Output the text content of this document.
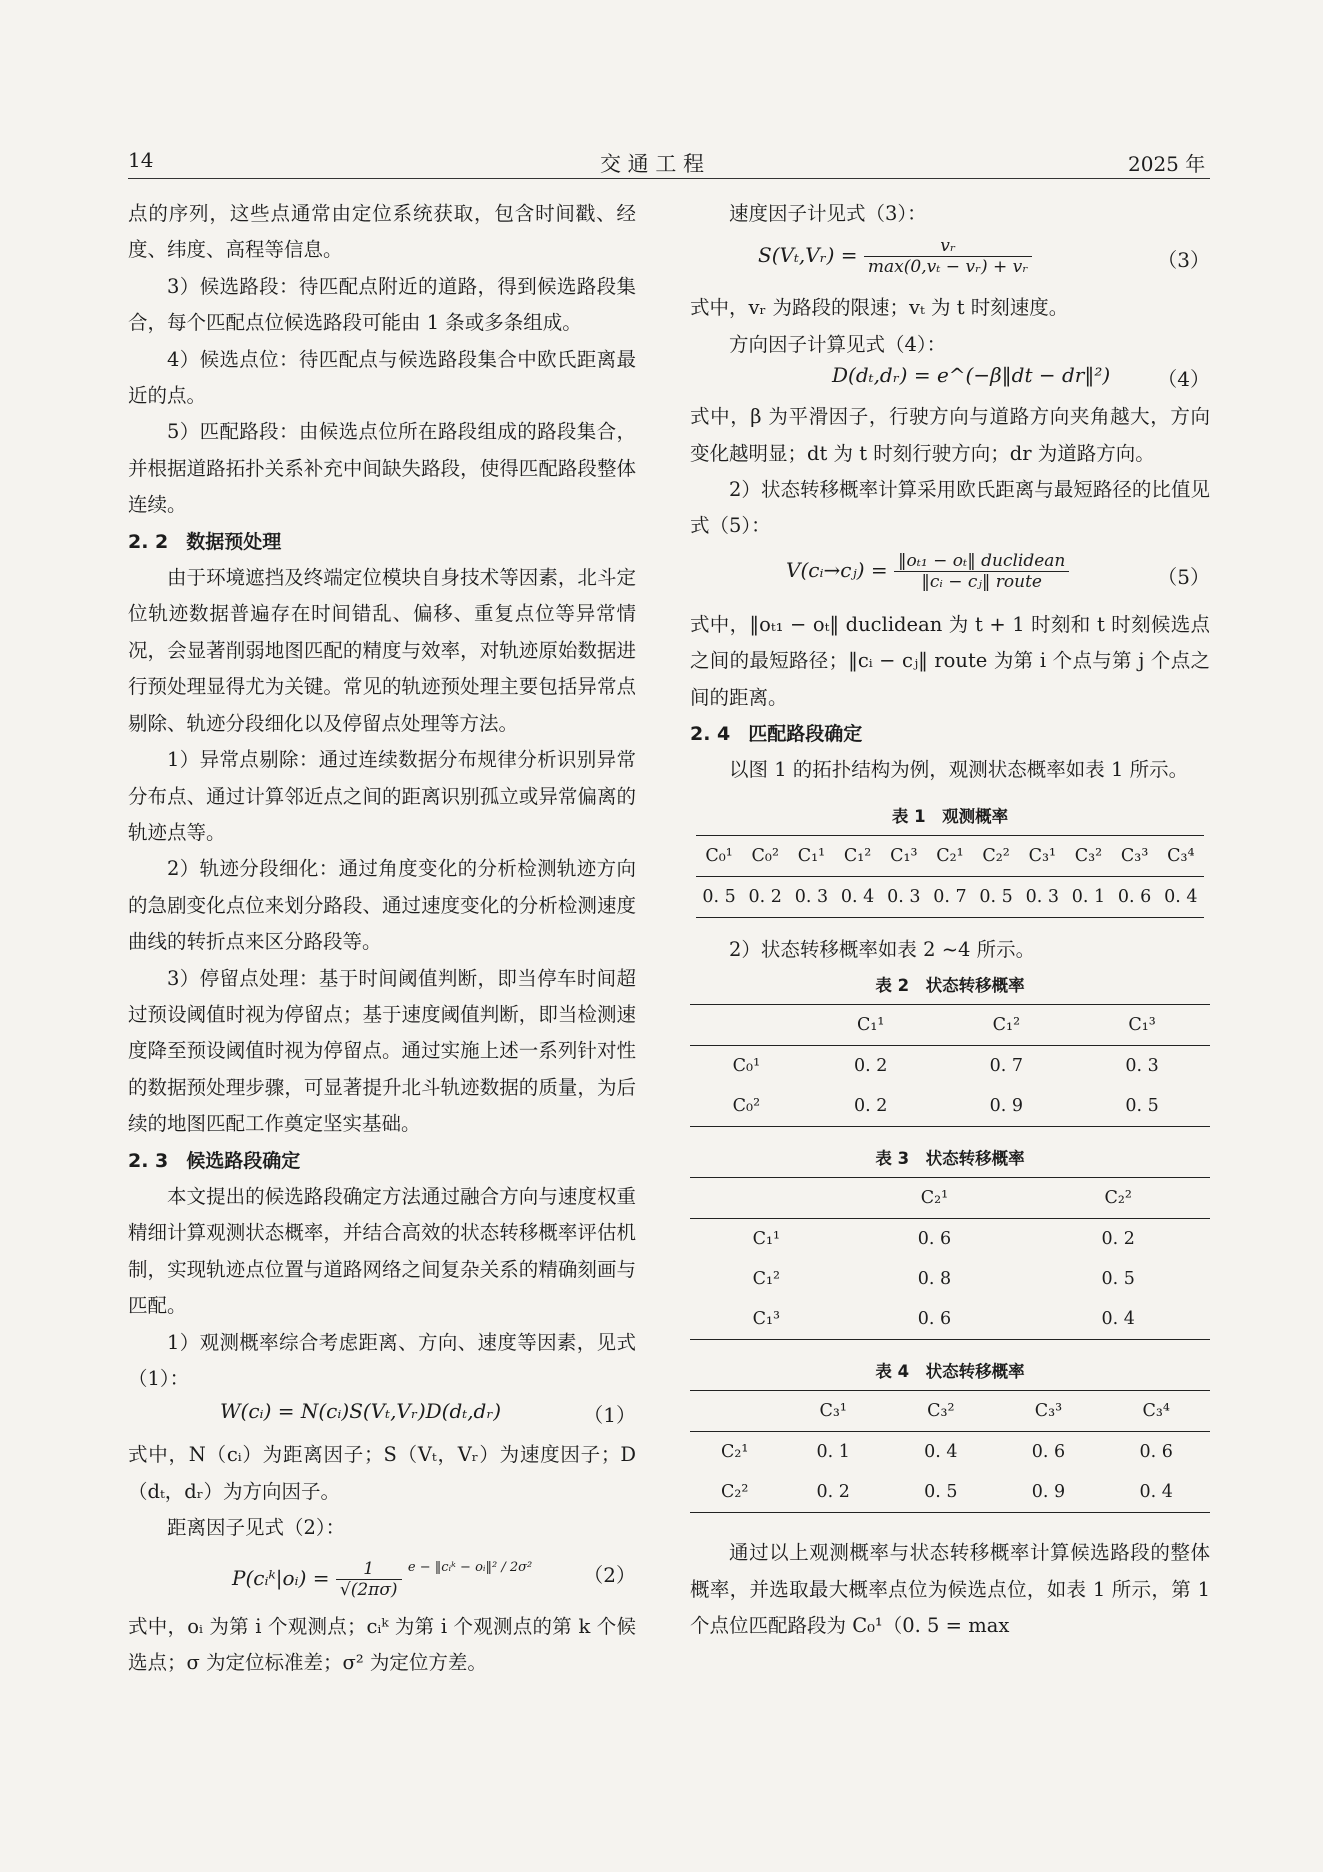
14	交 通 工 程	2025 年

点的序列，这些点通常由定位系统获取，包含时间戳、经度、纬度、高程等信息。

3）候选路段：待匹配点附近的道路，得到候选路段集合，每个匹配点位候选路段可能由 1 条或多条组成。

4）候选点位：待匹配点与候选路段集合中欧氏距离最近的点。

5）匹配路段：由候选点位所在路段组成的路段集合，并根据道路拓扑关系补充中间缺失路段，使得匹配路段整体连续。

2. 2 数据预处理

由于环境遮挡及终端定位模块自身技术等因素，北斗定位轨迹数据普遍存在时间错乱、偏移、重复点位等异常情况，会显著削弱地图匹配的精度与效率，对轨迹原始数据进行预处理显得尤为关键。常见的轨迹预处理主要包括异常点剔除、轨迹分段细化以及停留点处理等方法。

1）异常点剔除：通过连续数据分布规律分析识别异常分布点、通过计算邻近点之间的距离识别孤立或异常偏离的轨迹点等。

2）轨迹分段细化：通过角度变化的分析检测轨迹方向的急剧变化点位来划分路段、通过速度变化的分析检测速度曲线的转折点来区分路段等。

3）停留点处理：基于时间阈值判断，即当停车时间超过预设阈值时视为停留点；基于速度阈值判断，即当检测速度降至预设阈值时视为停留点。通过实施上述一系列针对性的数据预处理步骤，可显著提升北斗轨迹数据的质量，为后续的地图匹配工作奠定坚实基础。

2. 3 候选路段确定

本文提出的候选路段确定方法通过融合方向与速度权重精细计算观测状态概率，并结合高效的状态转移概率评估机制，实现轨迹点位置与道路网络之间复杂关系的精确刻画与匹配。

1）观测概率综合考虑距离、方向、速度等因素，见式（1）：

W(cᵢ) = N(cᵢ)S(Vₜ,Vᵣ)D(dₜ,dᵣ)	（1）

式中，N（cᵢ）为距离因子；S（Vₜ，Vᵣ）为速度因子；D（dₜ，dᵣ）为方向因子。

距离因子见式（2）：

P(cᵢᵏ|oᵢ) = $\frac{1}{√(2\pi\sigma)} ^{e - ‖cᵢᵏ - oᵢ‖^2 / 2\sigma^2}$	（2）

式中，oᵢ 为第 i 个观测点；cᵢᵏ 为第 i 个观测点的第 k 个候选点；σ 为定位标准差；σ² 为定位方差。

速度因子计见式（3）：

S(Vₜ,Vᵣ) = $\frac{\text{vᵣ}}{\text{max(0,vₜ − vᵣ) + vᵣ}}$	（3）

式中，vᵣ 为路段的限速；vₜ 为 t 时刻速度。

方向因子计算见式（4）：

D(dₜ,dᵣ) = e^(−β‖dt − dr‖²) （4）

式中，β 为平滑因子，行驶方向与道路方向夹角越大，方向变化越明显；dt 为 t 时刻行驶方向；dr 为道路方向。

2）状态转移概率计算采用欧氏距离与最短路径的比值见式（5）：

V(cᵢ→cⱼ) = $\frac{\text{‖oₜ₁ − oₜ‖ duclidean}}{\text{‖cᵢ − cⱼ‖ route}}$	（5）

式中，‖oₜ₁ − oₜ‖ duclidean 为 t + 1 时刻和 t 时刻候选点之间的最短路径；‖cᵢ − cⱼ‖ route 为第 i 个点与第 j 个点之间的距离。

2. 4 匹配路段确定

以图 1 的拓扑结构为例，观测状态概率如表 1 所示。

表 1　观测概率
C₀¹	C₀²	C₁¹	C₁²	C₁³	C₂¹	C₂²	C₃¹	C₃²	C₃³	C₃⁴
0. 5	0. 2	0. 3	0. 4	0. 3	0. 7	0. 5	0. 3	0. 1	0. 6	0. 4

2）状态转移概率如表 2 ~4 所示。

表 2　状态转移概率
	C₁¹	C₁²	C₁³
C₀¹	0. 2	0. 7	0. 3
C₀²	0. 2	0. 9	0. 5
表 3　状态转移概率
	C₂¹	C₂²
C₁¹	0. 6	0. 2
C₁²	0. 8	0. 5
C₁³	0. 6	0. 4
表 4　状态转移概率
	C₃¹	C₃²	C₃³	C₃⁴
C₂¹	0. 1	0. 4	0. 6	0. 6
C₂²	0. 2	0. 5	0. 9	0. 4

通过以上观测概率与状态转移概率计算候选路段的整体概率，并选取最大概率点位为候选点位，如表 1 所示，第 1 个点位匹配路段为 C₀¹（0. 5 = max
